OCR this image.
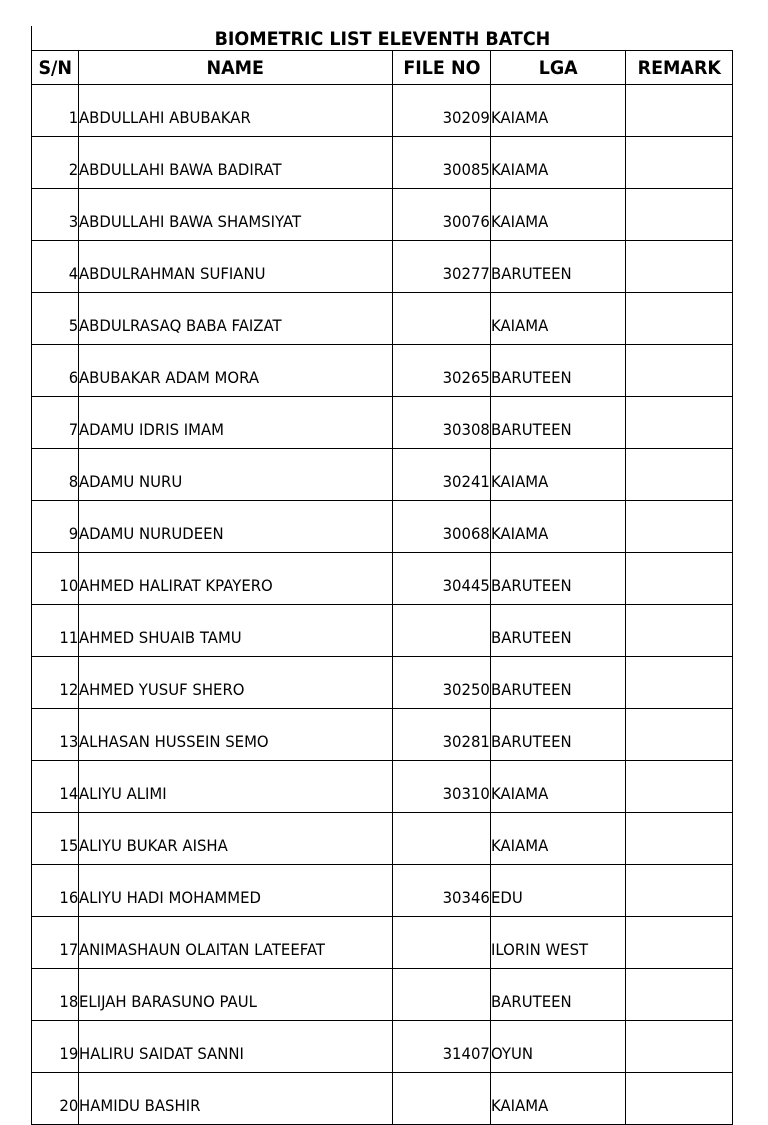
BIOMETRIC LIST ELEVENTH BATCH
S/N	NAME	FILE NO	LGA	REMARK
1	ABDULLAHI ABUBAKAR	30209	KAIAMA	
2	ABDULLAHI BAWA BADIRAT	30085	KAIAMA	
3	ABDULLAHI BAWA SHAMSIYAT	30076	KAIAMA	
4	ABDULRAHMAN SUFIANU	30277	BARUTEEN	
5	ABDULRASAQ BABA FAIZAT		KAIAMA	
6	ABUBAKAR ADAM MORA	30265	BARUTEEN	
7	ADAMU IDRIS IMAM	30308	BARUTEEN	
8	ADAMU NURU	30241	KAIAMA	
9	ADAMU NURUDEEN	30068	KAIAMA	
10	AHMED HALIRAT KPAYERO	30445	BARUTEEN	
11	AHMED SHUAIB TAMU		BARUTEEN	
12	AHMED YUSUF SHERO	30250	BARUTEEN	
13	ALHASAN HUSSEIN SEMO	30281	BARUTEEN	
14	ALIYU ALIMI	30310	KAIAMA	
15	ALIYU BUKAR AISHA		KAIAMA	
16	ALIYU HADI MOHAMMED	30346	EDU	
17	ANIMASHAUN OLAITAN LATEEFAT		ILORIN WEST	
18	ELIJAH BARASUNO PAUL		BARUTEEN	
19	HALIRU SAIDAT SANNI	31407	OYUN	
20	HAMIDU BASHIR		KAIAMA	
